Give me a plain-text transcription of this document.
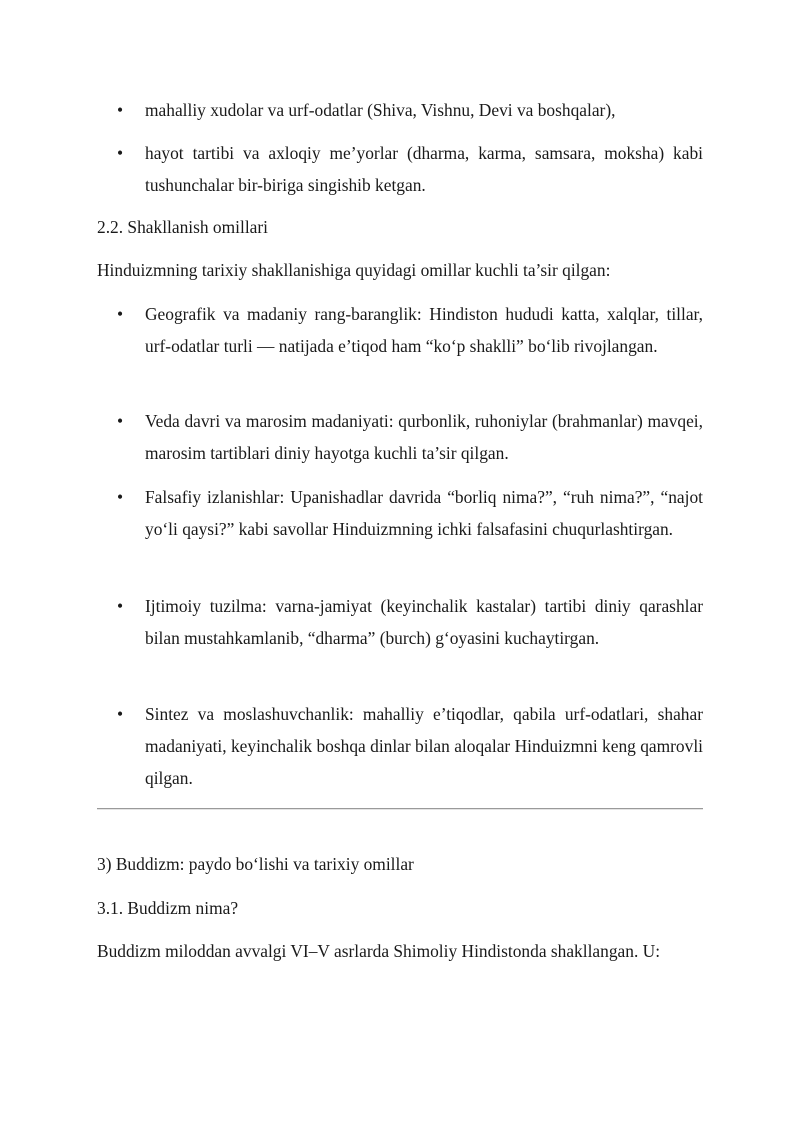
• mahalliy xudolar va urf-odatlar (Shiva, Vishnu, Devi va boshqalar),

• hayot tartibi va axloqiy me’yorlar (dharma, karma, samsara, moksha) kabi tushunchalar bir-biriga singishib ketgan.

2.2. Shakllanish omillari

Hinduizmning tarixiy shakllanishiga quyidagi omillar kuchli ta’sir qilgan:

• Geografik va madaniy rang-baranglik: Hindiston hududi katta, xalqlar, tillar, urf-odatlar turli — natijada e’tiqod ham “ko‘p shaklli” bo‘lib rivojlangan.

• Veda davri va marosim madaniyati: qurbonlik, ruhoniylar (brahmanlar) mavqei, marosim tartiblari diniy hayotga kuchli ta’sir qilgan.

• Falsafiy izlanishlar: Upanishadlar davrida “borliq nima?”, “ruh nima?”, “najot yo‘li qaysi?” kabi savollar Hinduizmning ichki falsafasini chuqurlashtirgan.

• Ijtimoiy tuzilma: varna-jamiyat (keyinchalik kastalar) tartibi diniy qarashlar bilan mustahkamlanib, “dharma” (burch) g‘oyasini kuchaytirgan.

• Sintez va moslashuvchanlik: mahalliy e’tiqodlar, qabila urf-odatlari, shahar madaniyati, keyinchalik boshqa dinlar bilan aloqalar Hinduizmni keng qamrovli qilgan.

3) Buddizm: paydo bo‘lishi va tarixiy omillar

3.1. Buddizm nima?

Buddizm miloddan avvalgi VI–V asrlarda Shimoliy Hindistonda shakllangan. U:
